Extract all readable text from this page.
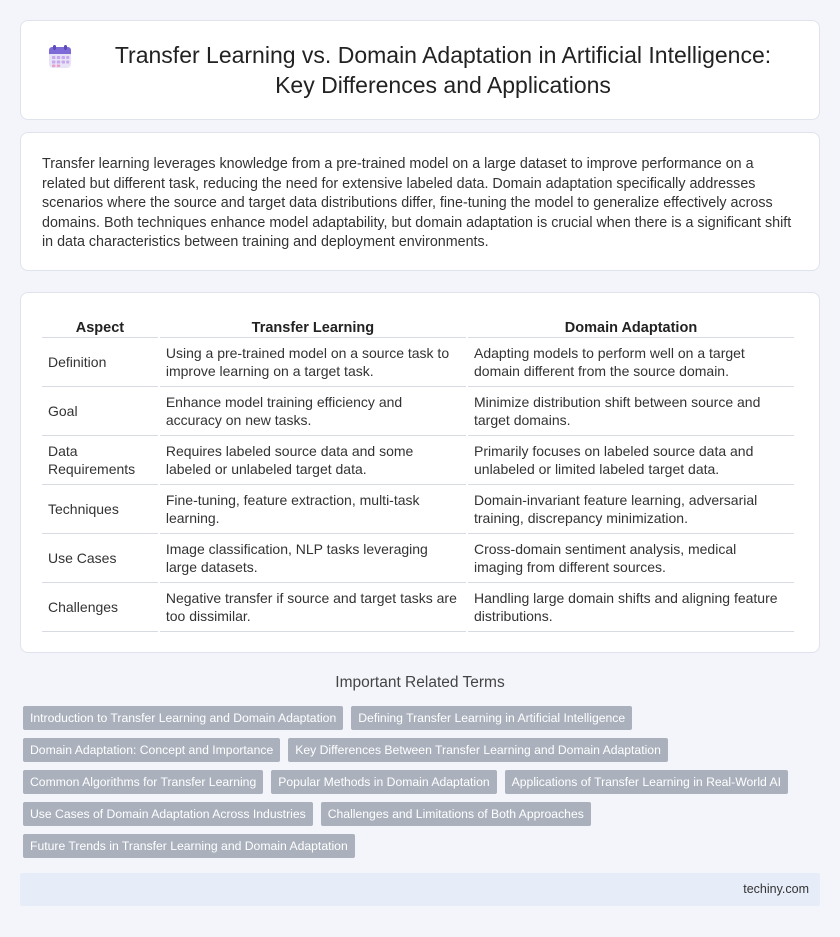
Transfer Learning vs. Domain Adaptation in Artificial Intelligence: Key Differences and Applications

Transfer learning leverages knowledge from a pre-trained model on a large dataset to improve performance on a related but different task, reducing the need for extensive labeled data. Domain adaptation specifically addresses scenarios where the source and target data distributions differ, fine-tuning the model to generalize effectively across domains. Both techniques enhance model adaptability, but domain adaptation is crucial when there is a significant shift in data characteristics between training and deployment environments.

Aspect	Transfer Learning	Domain Adaptation
Definition	Using a pre-trained model on a source task to improve learning on a target task.	Adapting models to perform well on a target domain different from the source domain.
Goal	Enhance model training efficiency and accuracy on new tasks.	Minimize distribution shift between source and target domains.
Data Requirements	Requires labeled source data and some labeled or unlabeled target data.	Primarily focuses on labeled source data and unlabeled or limited labeled target data.
Techniques	Fine-tuning, feature extraction, multi-task learning.	Domain-invariant feature learning, adversarial training, discrepancy minimization.
Use Cases	Image classification, NLP tasks leveraging large datasets.	Cross-domain sentiment analysis, medical imaging from different sources.
Challenges	Negative transfer if source and target tasks are too dissimilar.	Handling large domain shifts and aligning feature distributions.
Important Related Terms
Introduction to Transfer Learning and Domain Adaptation	Defining Transfer Learning in Artificial Intelligence
Domain Adaptation: Concept and Importance	Key Differences Between Transfer Learning and Domain Adaptation
Common Algorithms for Transfer Learning	Popular Methods in Domain Adaptation	Applications of Transfer Learning in Real-World AI
Use Cases of Domain Adaptation Across Industries	Challenges and Limitations of Both Approaches
Future Trends in Transfer Learning and Domain Adaptation
techiny.com
